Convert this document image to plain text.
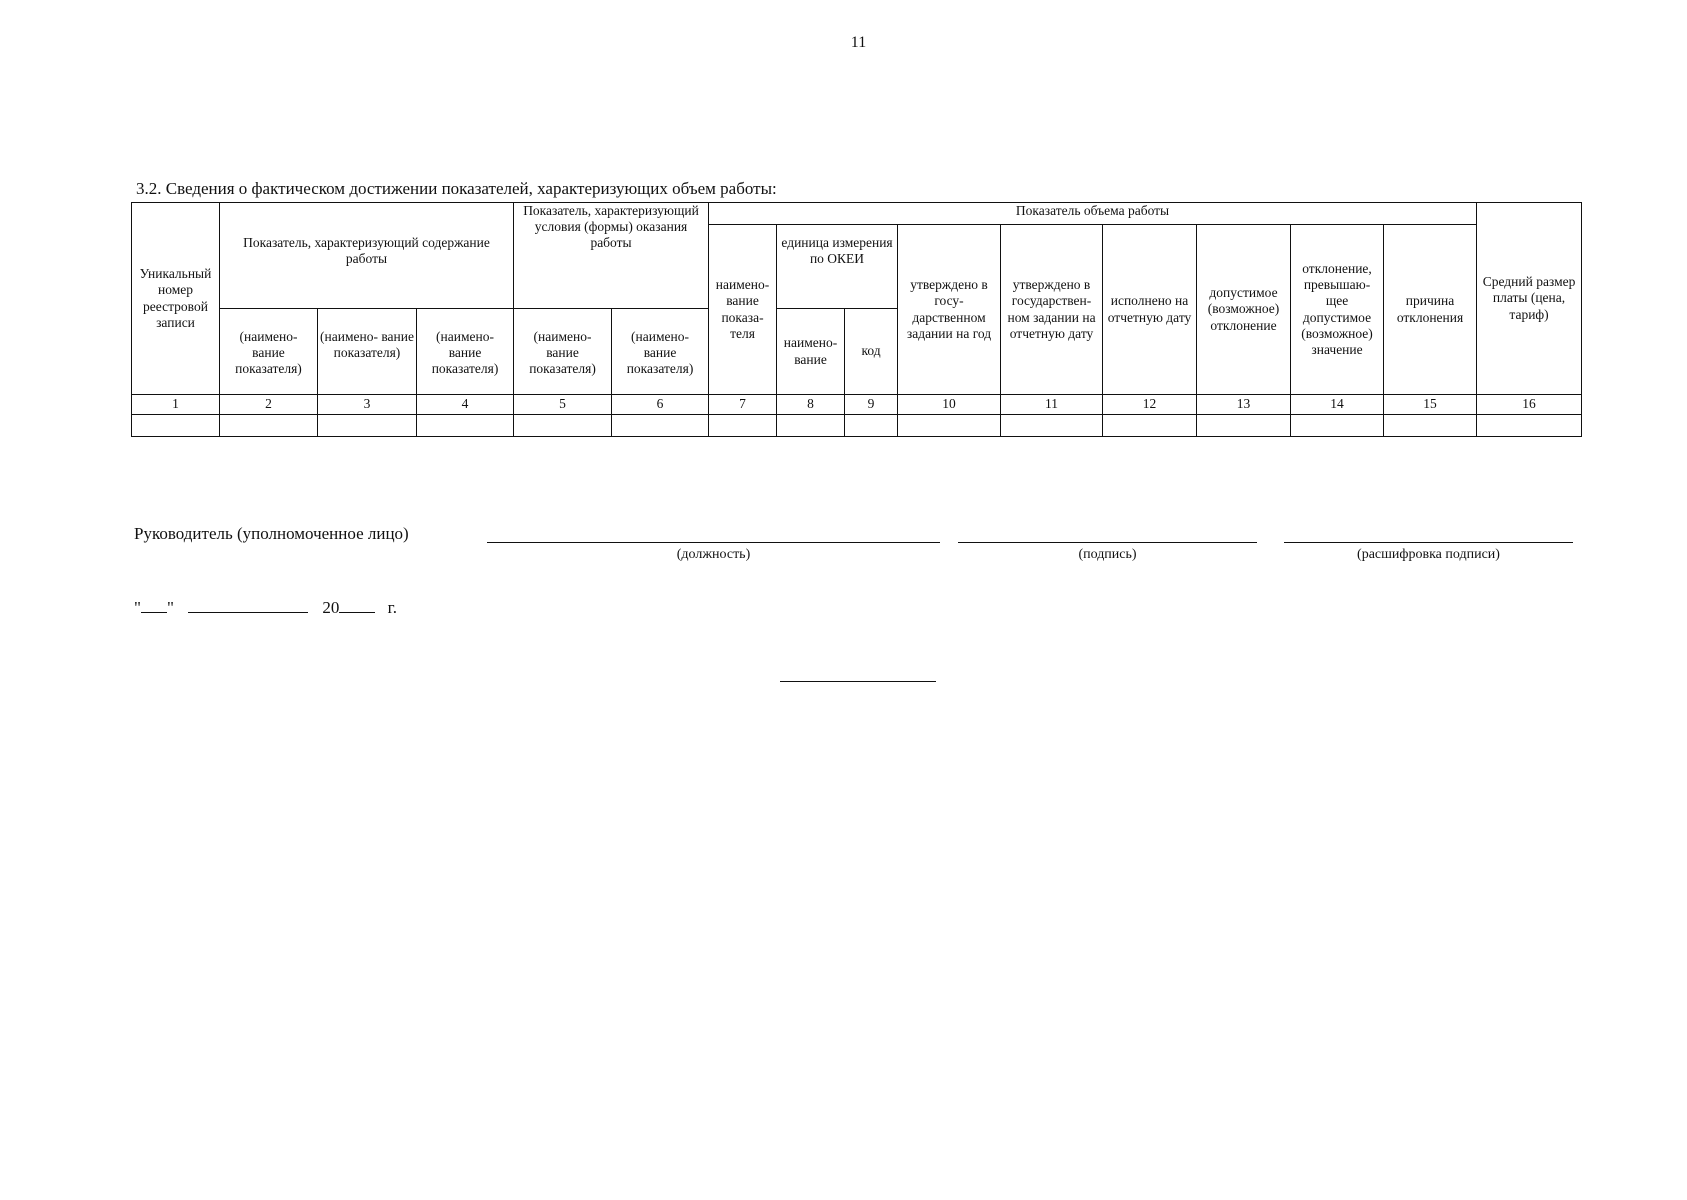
11
3.2. Сведения о фактическом достижении показателей, характеризующих объем работы:
Уникальный номер реестровой записи	Показатель, характеризующий содержание работы			Показатель, характеризующий условия (формы) оказания работы		Показатель объема работы									Средний размер платы (цена, тариф)
						наимено- вание показа- теля	единица измерения по ОКЕИ		утверждено в госу- дарственном задании на год	утверждено в государствен- ном задании на отчетную дату	исполнено на отчетную дату	допустимое (возможное) отклонение	отклонение, превышаю- щее допустимое (возможное) значение	причина отклонения	
	(наимено- вание показателя)	(наимено- вание показателя)	(наимено- вание показателя)	(наимено- вание показателя)	(наимено- вание показателя)		наимено- вание	код							
1	2	3	4	5	6	7	8	9	10	11	12	13	14	15	16

Руководитель (уполномоченное лицо)
(должность)	(подпись)	(расшифровка подписи)
" "	20	г.
